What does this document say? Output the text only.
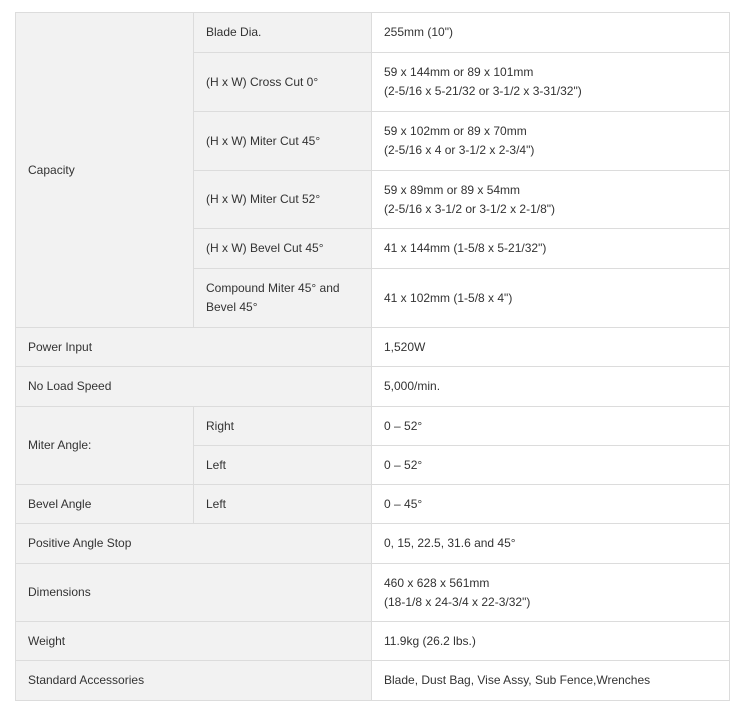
Capacity	Blade Dia.	255mm (10")

	(H x W) Cross Cut 0°	59 x 144mm or 89 x 101mm
(2-5/16 x 5-21/32 or 3-1/2 x 3-31/32")

	(H x W) Miter Cut 45°	59 x 102mm or 89 x 70mm
(2-5/16 x 4 or 3-1/2 x 2-3/4")

	(H x W) Miter Cut 52°	59 x 89mm or 89 x 54mm
(2-5/16 x 3-1/2 or 3-1/2 x 2-1/8")

	(H x W) Bevel Cut 45°	41 x 144mm (1-5/8 x 5-21/32")

	Compound Miter 45° and
Bevel 45°	41 x 102mm (1-5/8 x 4")

Power Input		1,520W
No Load Speed		5,000/min.
Miter Angle:	Right	0 – 52°
	Left	0 – 52°
Bevel Angle	Left	0 – 45°
Positive Angle Stop		0, 15, 22.5, 31.6 and 45°
Dimensions		460 x 628 x 561mm
(18-1/8 x 24-3/4 x 22-3/32")

Weight		11.9kg (26.2 lbs.)
Standard Accessories		Blade, Dust Bag, Vise Assy, Sub Fence,Wrenches
